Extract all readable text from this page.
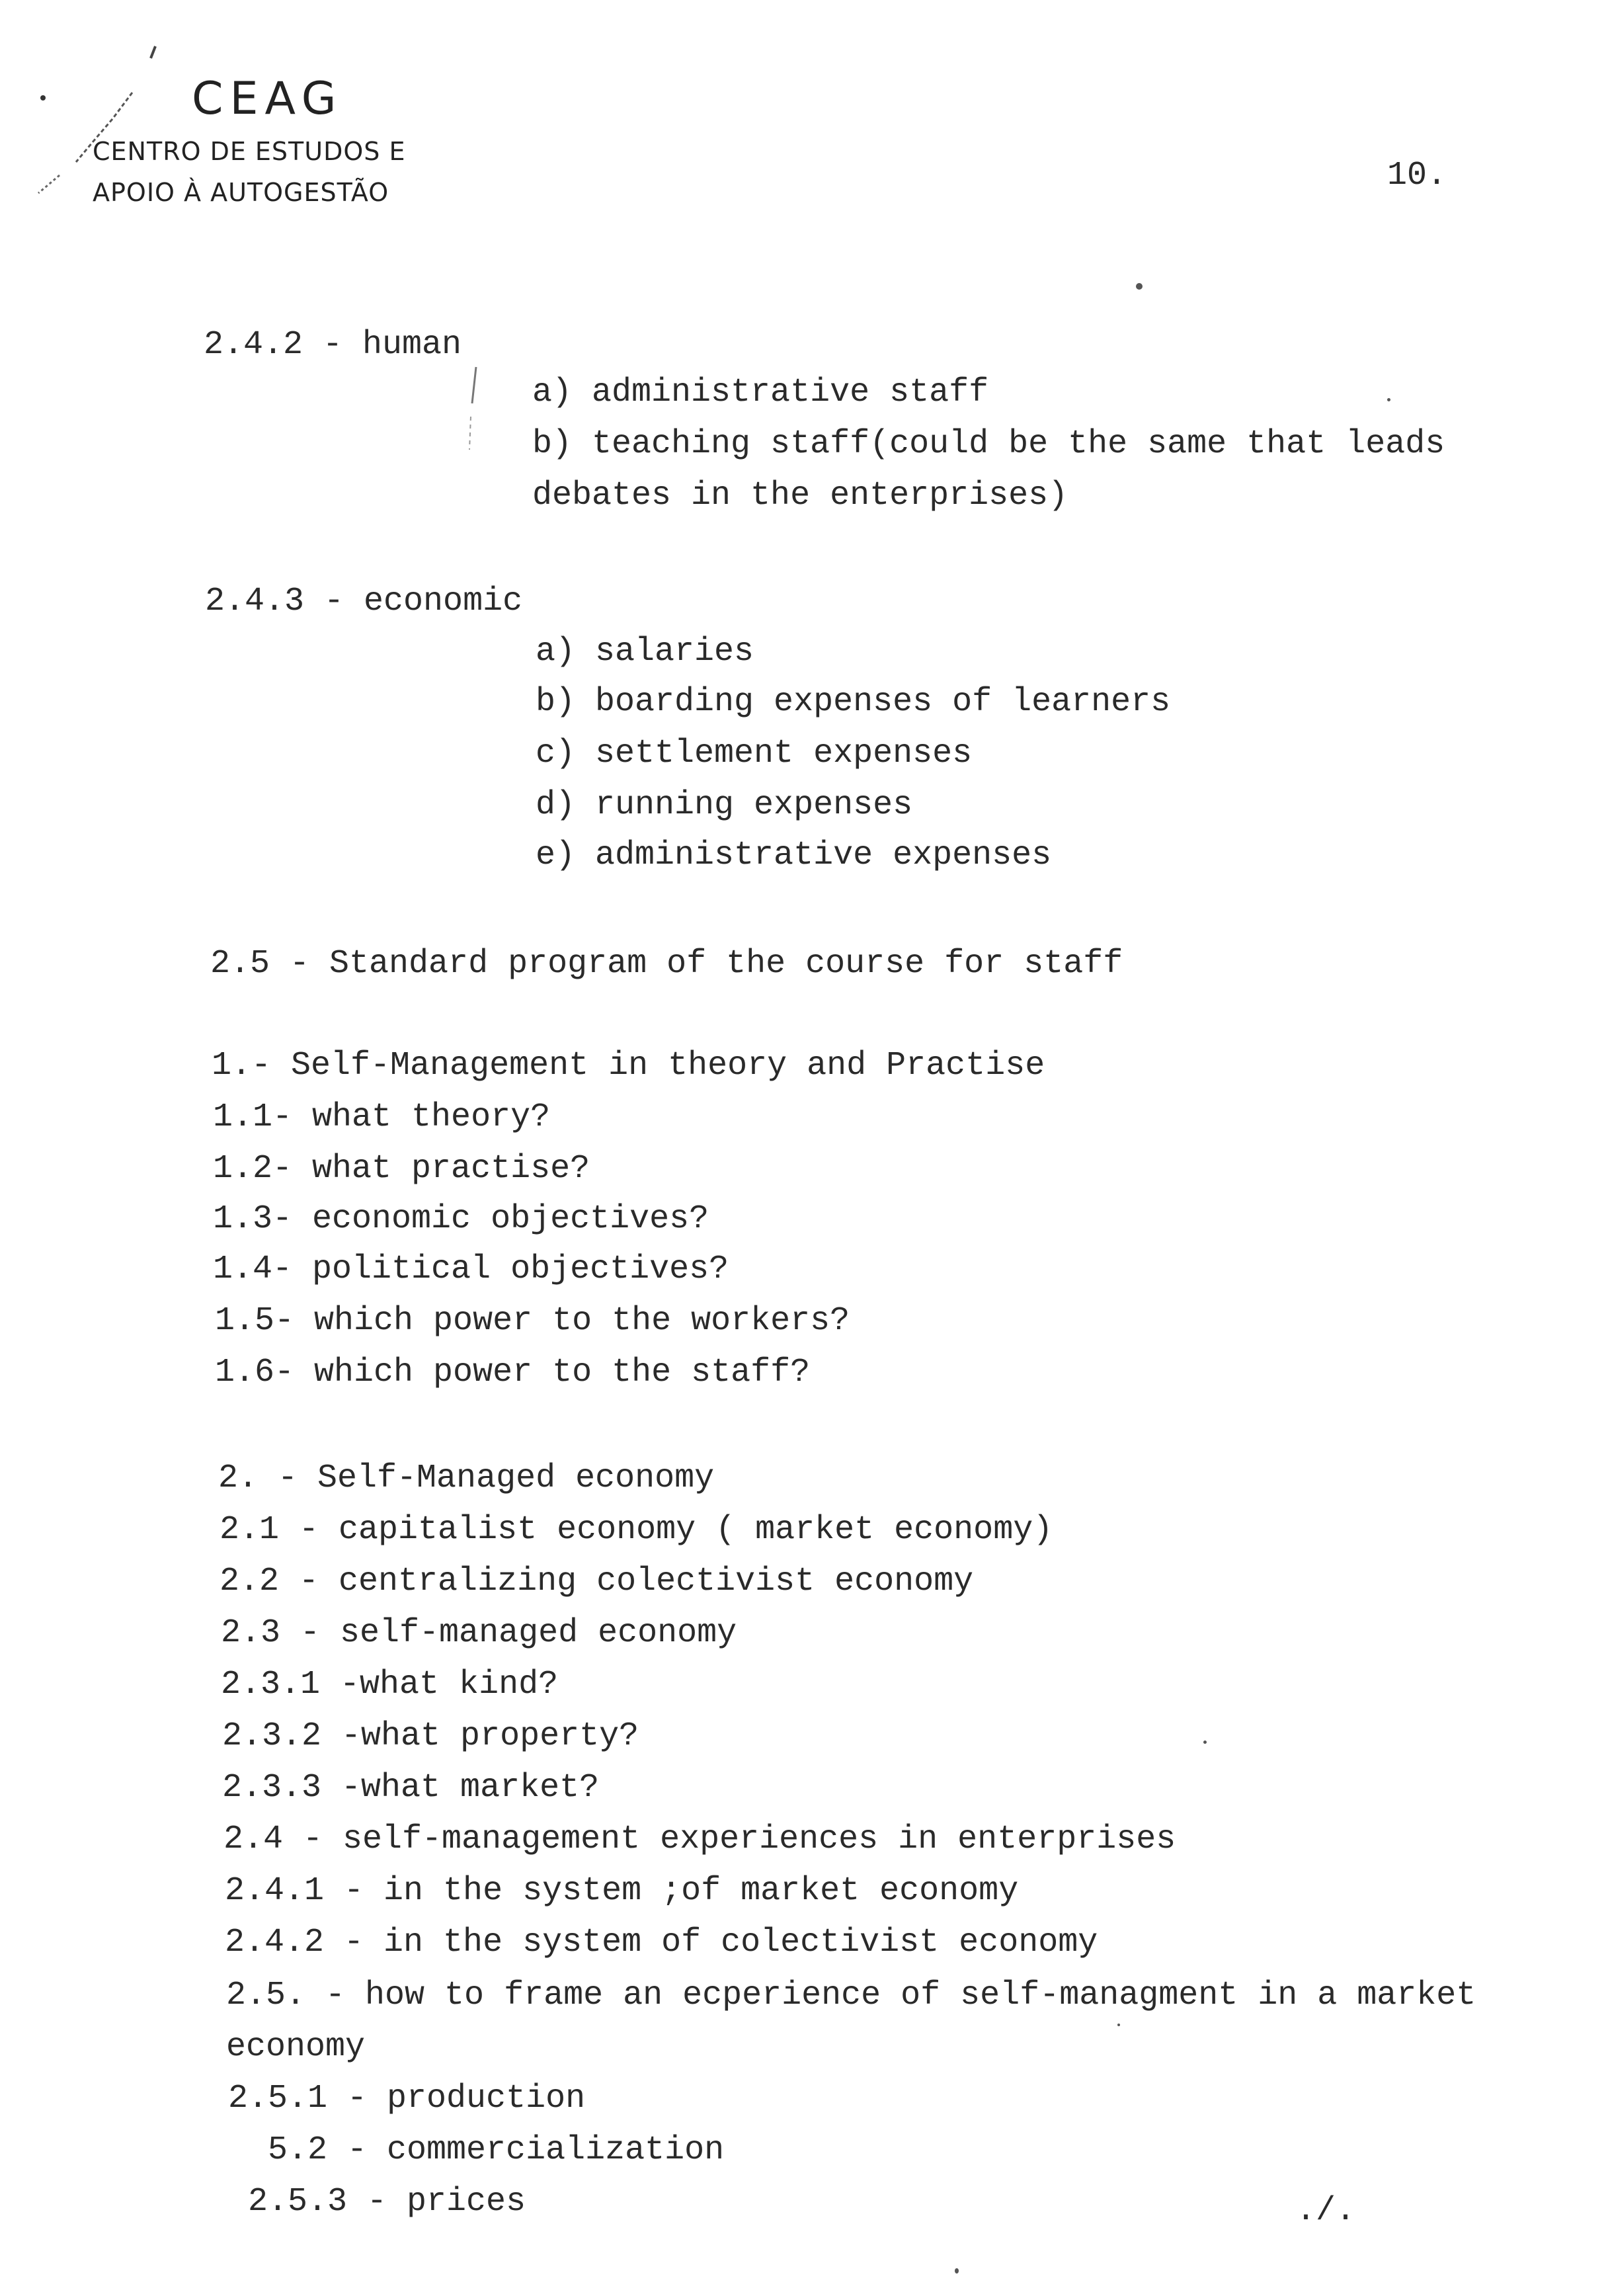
CEAG
CENTRO DE ESTUDOS E
APOIO À AUTOGESTÃO	10.
2.4.2 - human
a) administrative staff
b) teaching staff(could be the same that leads
debates in the enterprises)
2.4.3 - economic
a) salaries
b) boarding expenses of learners
c) settlement expenses
d) running expenses
e) administrative expenses
2.5 - Standard program of the course for staff
1.- Self-Management in theory and Practise
1.1- what theory?
1.2- what practise?
1.3- economic objectives?
1.4- political objectives?
1.5- which power to the workers?
1.6- which power to the staff?
2. - Self-Managed economy
2.1 - capitalist economy ( market economy)
2.2 - centralizing colectivist economy
2.3 - self-managed economy
2.3.1 -what kind?
2.3.2 -what property?
2.3.3 -what market?
2.4 - self-management experiences in enterprises
2.4.1 - in the system ;of market economy
2.4.2 - in the system of colectivist economy
2.5. - how to frame an ecperience of self-managment in a market
economy
2.5.1 - production
5.2 - commercialization
2.5.3 - prices	./.
